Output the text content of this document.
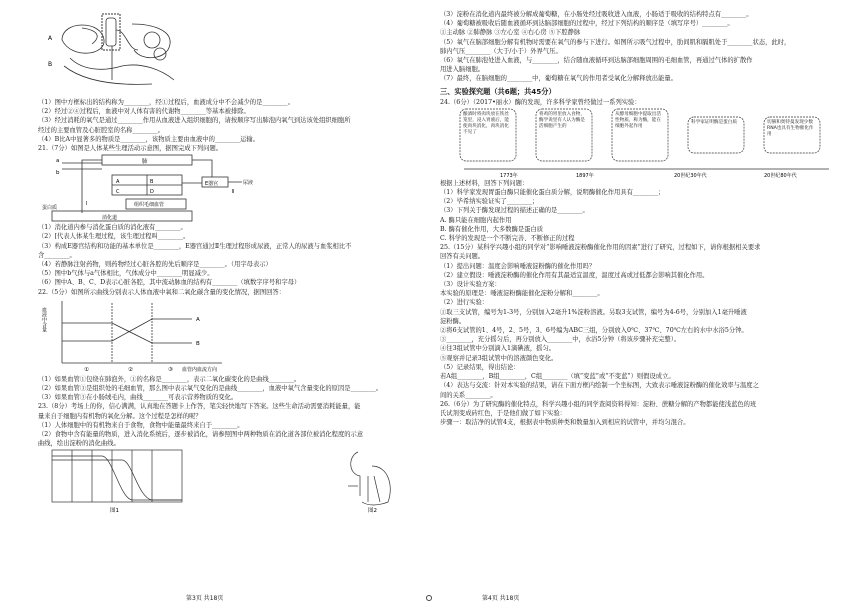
A
B

（1）图中方框标出的结构称为________，经①过程后，血液成分中不会减少的是________。

（2）经过②④过程后，血液中对人体有害的代谢物________等基本被排除。

（3）经过消耗的氧气是通过________作用从血液进入组织细胞的，请按顺序写出肺泡内氧气到达该处组织细胞所

经过的主要血管及心脏腔室的名称________。

（4）B比A中显著多的物质是________，该物质主要由血液中的________运输。

21.（7分）如图是人体某些生理活动示意图，据图完成下列问题。

肺
a
b
A	B
C	D
E器官	尿液
组织毛细血管
蛋白质
消化道
Ⅰ
Ⅱ

（1）消化道内参与消化蛋白质的消化液有________。

（2）[代表人体某生理过程，该生理过程叫________。

（3）构成E器官结构和功能的基本单位是________，E器官通过Ⅱ生理过程形成尿液，正常人的尿液与血浆相比不

含________。

（4）若静脉注射药物，则药物经过心脏各腔的先后顺序是________。（用字母表示）

（5）图中b气体与a气体相比，气体成分中________明显减少。

（6）图中A、B、C、D表示心脏各腔，其中流动脉血的结构有________（填数字序号和字母）

22.（5分）如图所示曲线分别表示人体血液中氧和二氧化碳含量的变化情况，据图回答：

血液中含量	A
B
①	②	③ 血管内血流方向

（1）如果血管①包绕在肺泡外，①的名称是________，表示二氧化碳变化的是曲线________。

（2）如果血管③是组织处的毛细血管，那么图中表示氧气变化的是曲线________，血液中氧气含量变化的原因是________。

（3）如果血管③在小肠绒毛内，曲线________可表示营养物质的变化。

23.（8分）考场上的你，信心满满，认真地在答题卡上作答，笔尖轻快地写下答案。这些生命活动需要消耗能量，能

量来自于细胞内有机物的氧化分解。这个过程是怎样的呢？

（1）人体细胞中的有机物来自于食物，食物中能量最终来自于________。

（2）食物中含有能量的物质，进入消化系统后，逐步被消化，请参照图中两种物质在消化道各部位被消化程度的示意

曲线，绘出淀粉的消化曲线。

图1	图2
第3页 共18页

（3）淀粉在消化道内最终被分解成葡萄糖，在小肠处经过吸收进入血液，小肠适于吸收的结构特点有________。

（4）葡萄糖被吸收后随血液循环到达脑部细胞的过程中，经过下列结构的顺序是（填写序号）________。

①主动脉 ②肺静脉 ③左心室 ④右心房 ⑤下腔静脉

（5）氧气在脑部细胞分解有机物时需要在氧气的参与下进行。如图所示吸气过程中，肋间肌和膈肌处于________状态，此时，

肺内气压________（大于/小于）外界气压。

（6）氧气在肺泡处进入血液，与________，结合随血液循环到达脑部细胞周围的毛细血管，再通过气体的扩散作

用进入脑细胞。

（7）最终，在脑细胞的________中，葡萄糖在氧气的作用者受氧化分解释放出能量。

三、实验探究题（共6题；共45分）

24.（6分）（2017•丽水）酶的发现，许多科学家曾经做过一系列实验：

酿酒时将肉块放在铁丝笼里，浸入胃液后，能使肉块消化，肉块消化不见了
将鸡的胃里放入食物，酶学说里有人认为酶是活细胞产生的
从酵母细胞中提取出活性物质，称为酶，能在细胞外起作用
科学家证明酶是蛋白质	切赫和奥特曼发现少数RNA也具有生物催化作用
1773年	1897年	20世纪30年代	20世纪80年代

根据上述材料，回答下列问题：

（1）科学家发现胃蛋白酶只能催化蛋白质分解，说明酶催化作用具有________；

（2）毕希纳实验证实了________；

（3）下列关于酶发现过程的描述正确的是________。

A. 酶只能在细胞内起作用

B. 酶有催化作用，大多数酶是蛋白质

C. 科学的发现是一个不断完善、不断修正的过程

25.（15分）某科学兴趣小组的同学对“影响唾液淀粉酶催化作用的因素”进行了研究，过程如下，请你根据相关要求

回答有关问题。

（1）提出问题：温度会影响唾液淀粉酶的催化作用吗？

（2）建立假设：唾液淀粉酶的催化作用有其最适宜温度，温度过高或过低都会影响其催化作用。

（3）设计实验方案：

本实验的原理是：唾液淀粉酶能催化淀粉分解和________。

（2）进行实验：

①取三支试管，编号为1-3号，分别加入2毫升1%淀粉溶液。另取3支试管，编号为4-6号，分别加入1毫升唾液

淀粉酶。

②将6支试管的1、4号，2、5号，3、6号编为ABC三组，分别放入0℃、37℃、70℃左右的水中水浴5分钟。

③________，充分摇匀后，再分别放入________中，水浴5分钟（将该步骤补充完整）。

④往3组试管中分别滴入1滴碘液，摇匀。

⑤观察并记录3组试管中的溶液颜色变化。

（5）记录结果，得出结论：

若A组________，B组________，C组________（填“变蓝”或“不变蓝”）则假设成立。

（4）表达与交流：针对本实验的结果，请在下面方框内绘制一个坐标图，大致表示唾液淀粉酶的催化效率与温度之

间的关系________。

26.（6分）为了研究酶的催化特点，科学兴趣小组的同学查阅资料得知：淀粉、蔗糖分解的产物都能使浅蓝色的班

氏试剂变成砖红色，于是他们做了如下实验：

步骤一：取洁净的试管4支，根据表中物质种类和数量加入到相应的试管中，并均匀混合。

第4页 共18页
